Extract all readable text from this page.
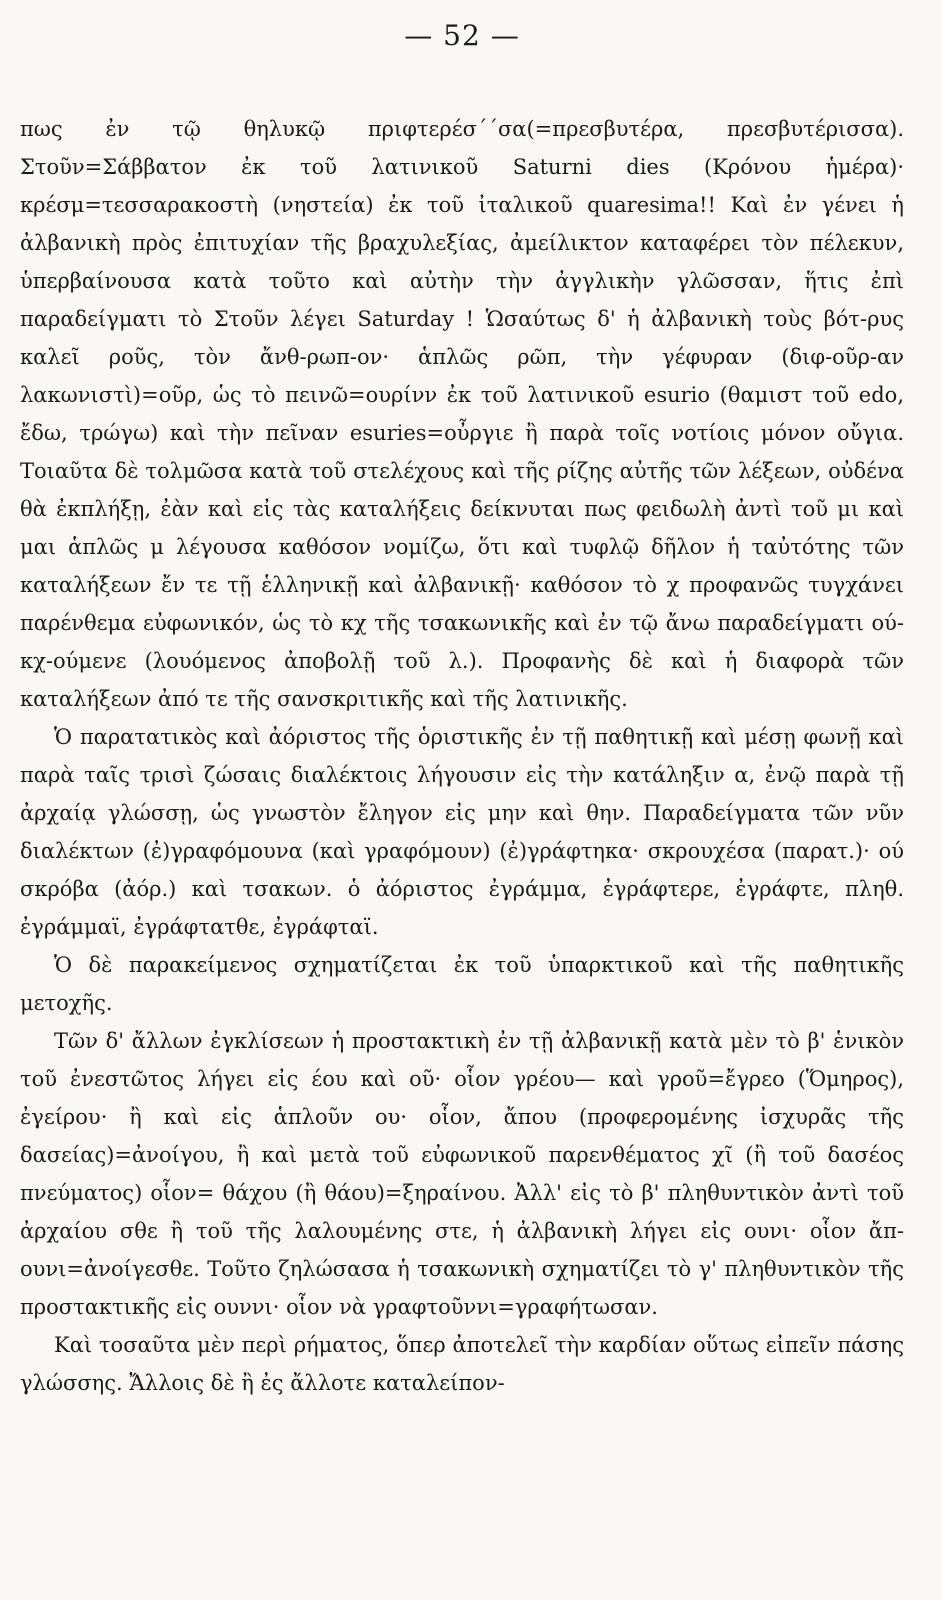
— 52 —

πως ἐν τῷ θηλυκῷ πριφτερέσ΄΄σα(=πρεσβυτέρα, πρεσβυτέρισσα). Στοῦν=Σάββατον ἐκ τοῦ λατινικοῦ Saturni dies (Κρόνου ἡμέρα)· κρέσμ=τεσσαρακοστὴ (νηστεία) ἐκ τοῦ ἰταλικοῦ quaresima!! Καὶ ἐν γένει ἡ ἀλβανικὴ πρὸς ἐπιτυχίαν τῆς βραχυλεξίας, ἀμείλικτον καταφέρει τὸν πέλεκυν, ὑπερβαίνουσα κατὰ τοῦτο καὶ αὐτὴν τὴν ἀγγλικὴν γλῶσσαν, ἥτις ἐπὶ παραδείγματι τὸ Στοῦν λέγει Saturday ! Ὡσαύτως δ' ἡ ἀλβανικὴ τοὺς βότ-ρυς καλεῖ ροῦς, τὸν ἄνθ-ρωπ-ον· ἁπλῶς ρῶπ, τὴν γέφυραν (διφ-οῦρ-αν λακωνιστὶ)=οῦρ, ὡς τὸ πεινῶ=ουρίνν ἐκ τοῦ λατινικοῦ esurio (θαμιστ τοῦ edo, ἔδω, τρώγω) καὶ τὴν πεῖναν esuries=οὖργιε ἢ παρὰ τοῖς νοτίοις μόνον οὔγια. Τοιαῦτα δὲ τολμῶσα κατὰ τοῦ στελέχους καὶ τῆς ρίζης αὐτῆς τῶν λέξεων, οὐδένα θὰ ἐκπλήξῃ, ἐὰν καὶ εἰς τὰς καταλήξεις δείκνυται πως φειδωλὴ ἀντὶ τοῦ μι καὶ μαι ἁπλῶς μ λέγουσα καθόσον νομίζω, ὅτι καὶ τυφλῷ δῆλον ἡ ταὐτότης τῶν καταλήξεων ἔν τε τῇ ἑλληνικῇ καὶ ἀλβανικῇ· καθόσον τὸ χ προφανῶς τυγχάνει παρένθεμα εὐφωνικόν, ὡς τὸ κχ τῆς τσακωνικῆς καὶ ἐν τῷ ἄνω παραδείγματι ού-κχ-ούμενε (λουόμενος ἀποβολῇ τοῦ λ.). Προφανὴς δὲ καὶ ἡ διαφορὰ τῶν καταλήξεων ἀπό τε τῆς σανσκριτικῆς καὶ τῆς λατινικῆς.

Ὁ παρατατικὸς καὶ ἀόριστος τῆς ὁριστικῆς ἐν τῇ παθητικῇ καὶ μέσῃ φωνῇ καὶ παρὰ ταῖς τρισὶ ζώσαις διαλέκτοις λήγουσιν εἰς τὴν κατάληξιν α, ἐνῷ παρὰ τῇ ἀρχαίᾳ γλώσσῃ, ὡς γνωστὸν ἔληγον εἰς μην καὶ θην. Παραδείγματα τῶν νῦν διαλέκτων (ἐ)γραφόμουνα (καὶ γραφόμουν) (ἐ)γράφτηκα· σκρουχέσα (παρατ.)· ού σκρόβα (ἀόρ.) καὶ τσακων. ὁ ἀόριστος ἐγράμμα, ἐγράφτερε, ἐγράφτε, πληθ. ἐγράμμαϊ, ἐγράφτατθε, ἐγράφταϊ.

Ὁ δὲ παρακείμενος σχηματίζεται ἐκ τοῦ ὑπαρκτικοῦ καὶ τῆς παθητικῆς μετοχῆς.

Τῶν δ' ἄλλων ἐγκλίσεων ἡ προστακτικὴ ἐν τῇ ἀλβανικῇ κατὰ μὲν τὸ β' ἑνικὸν τοῦ ἐνεστῶτος λήγει εἰς έου καὶ οῦ· οἷον γρέου— καὶ γροῦ=ἔγρεο (Ὅμηρος), ἐγείρου· ἢ καὶ εἰς ἁπλοῦν ου· οἷον, ἄπου (προφερομένης ἰσχυρᾶς τῆς δασείας)=ἀνοίγου, ἢ καὶ μετὰ τοῦ εὐφωνικοῦ παρενθέματος χῖ (ἢ τοῦ δασέος πνεύματος) οἷον= θάχου (ἢ θάου)=ξηραίνου. Ἀλλ' εἰς τὸ β' πληθυντικὸν ἀντὶ τοῦ ἀρχαίου σθε ἢ τοῦ τῆς λαλουμένης στε, ἡ ἀλβανικὴ λήγει εἰς ουνι· οἷον ἄπ-ουνι=ἀνοίγεσθε. Τοῦτο ζηλώσασα ἡ τσακωνικὴ σχηματίζει τὸ γ' πληθυντικὸν τῆς προστακτικῆς εἰς ουννι· οἷον νὰ γραφτοῦννι=γραφήτωσαν.

Καὶ τοσαῦτα μὲν περὶ ρήματος, ὅπερ ἀποτελεῖ τὴν καρδίαν οὕτως εἰπεῖν πάσης γλώσσης. Ἄλλοις δὲ ἢ ἐς ἄλλοτε καταλείπον-
